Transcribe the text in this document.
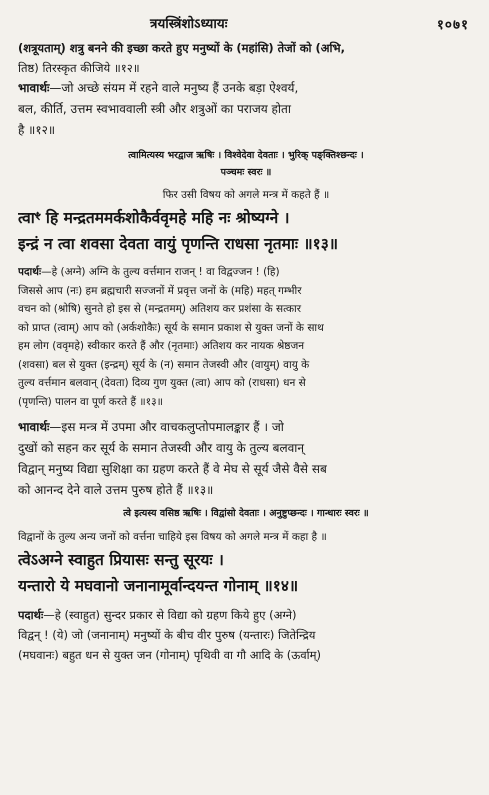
त्रयस्त्रिंशोऽध्यायः	१०७१
(शत्रूयताम्) शत्रु बनने की इच्छा करते हुए मनुष्यों के (महांसि) तेजों को (अभि,
तिष्ठ) तिरस्कृत कीजिये ॥१२॥
भावार्थः—जो अच्छे संयम में रहने वाले मनुष्य हैं उनके बड़ा ऐश्वर्य,
बल, कीर्ति, उत्तम स्वभाववाली स्त्री और शत्रुओं का पराजय होता
है ॥१२॥
त्वामित्यस्य भरद्वाज ऋषिः । विश्वेदेवा देवताः । भुरिक् पङ्क्तिश्छन्दः ।
पञ्चमः स्वरः ॥
फिर उसी विषय को अगले मन्त्र में कहते हैं ॥
त्वाꣳ हि मन्द्रतममर्कशोकैर्ववृमहे महि नः श्रोष्यग्ने ।
इन्द्रं न त्वा शवसा देवता वायुं पृणन्ति राधसा नृतमाः ॥१३॥
पदार्थः—हे (अग्ने) अग्नि के तुल्य वर्त्तमान राजन् ! वा विद्वज्जन ! (हि)
जिससे आप (नः) हम ब्रह्मचारी सज्जनों में प्रवृत्त जनों के (महि) महत् गम्भीर
वचन को (श्रोषि) सुनते हो इस से (मन्द्रतमम्) अतिशय कर प्रशंसा के सत्कार
को प्राप्त (त्वाम्) आप को (अर्कशोकैः) सूर्य के समान प्रकाश से युक्त जनों के साथ
हम लोग (ववृमहे) स्वीकार करते हैं और (नृतमाः) अतिशय कर नायक श्रेष्ठजन
(शवसा) बल से युक्त (इन्द्रम्) सूर्य के (न) समान तेजस्वी और (वायुम्) वायु के
तुल्य वर्त्तमान बलवान् (देवता) दिव्य गुण युक्त (त्वा) आप को (राधसा) धन से
(पृणन्ति) पालन वा पूर्ण करते हैं ॥१३॥
भावार्थः—इस मन्त्र में उपमा और वाचकलुप्तोपमालङ्कार हैं । जो
दुखों को सहन कर सूर्य के समान तेजस्वी और वायु के तुल्य बलवान्
विद्वान् मनुष्य विद्या सुशिक्षा का ग्रहण करते हैं वे मेघ से सूर्य जैसे वैसे सब
को आनन्द देने वाले उत्तम पुरुष होते हैं ॥१३॥
त्वे इत्यस्य वसिष्ठ ऋषिः । विद्वांसो देवताः । अनुष्टुप्छन्दः । गान्धारः स्वरः ॥
विद्वानों के तुल्य अन्य जनों को वर्त्तना चाहिये इस विषय को अगले मन्त्र में कहा है ॥
त्वेऽअग्ने स्वाहुत प्रियासः सन्तु सूरयः ।
यन्तारो ये मघवानो जनानामूर्वान्दयन्त गोनाम् ॥१४॥
पदार्थः—हे (स्वाहुत) सुन्दर प्रकार से विद्या को ग्रहण किये हुए (अग्ने)
विद्वन् ! (ये) जो (जनानाम्) मनुष्यों के बीच वीर पुरुष (यन्तारः) जितेन्द्रिय
(मघवानः) बहुत धन से युक्त जन (गोनाम्) पृथिवी वा गौ आदि के (ऊर्वाम्)
